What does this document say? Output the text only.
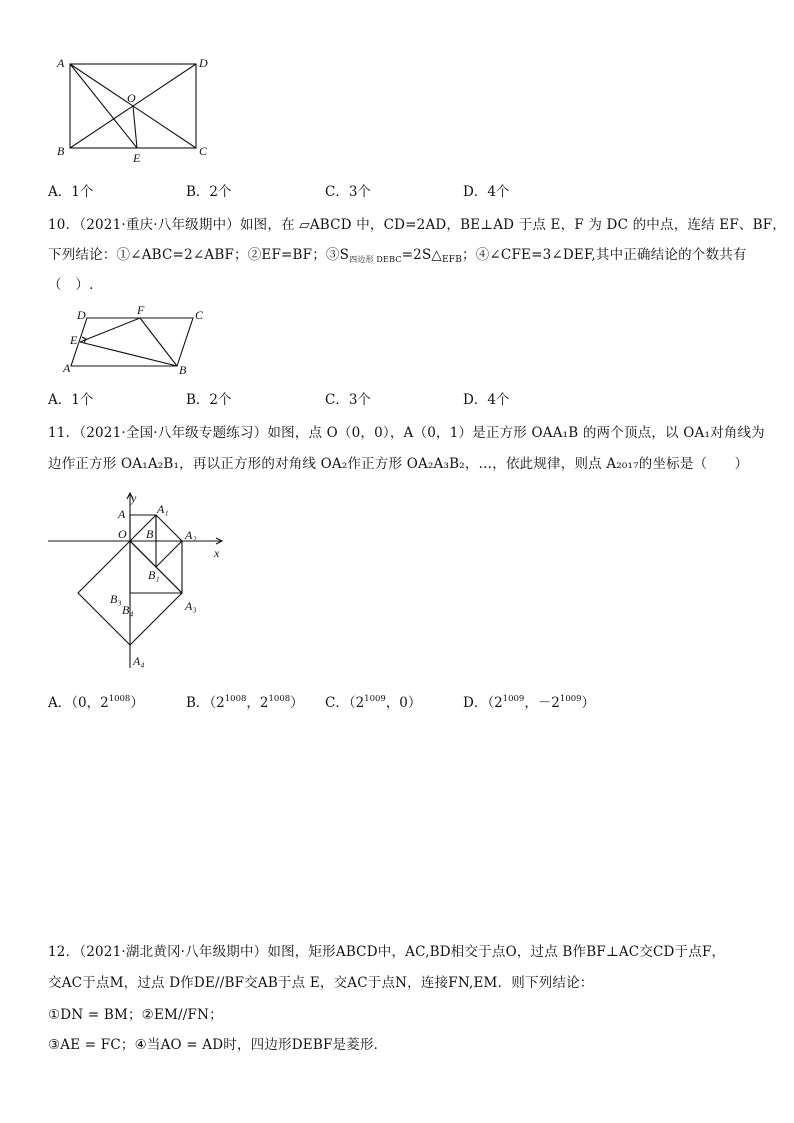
A	D
O
B	E	C
A．1个	B．2个	C．3个	D．4个
10．（2021·重庆·八年级期中）如图，在 ▱ABCD 中，CD=2AD，BE⊥AD 于点 E，F 为 DC 的中点，连结 EF、BF，
下列结论：①∠ABC=2∠ABF；②EF=BF；$③S_{四边形 DEBC}=2S\triangle_{EFB}$；④∠CFE=3∠DEF,其中正确结论的个数共有
（　）.
D	F	C
E
A	B
A．1个	B．2个	C．3个	D．4个
11．（2021·全国·八年级专题练习）如图，点 O（0，0），A（0，1）是正方形 OAA₁B 的两个顶点，以 OA₁对角线为
边作正方形 OA₁A₂B₁，再以正方形的对角线 OA₂作正方形 OA₂A₃B₂，…，依此规律，则点 A₂₀₁₇的坐标是（　　）
y
x
A	A₁
O B	A₂
B₁
B₃
B₄	A₃
A₄
A．（0，$2^{1008}$）	B．（$2^{1008}$，$2^{1008}$） C．（$2^{1009}$，0）	D．（$2^{1009}$，$-2^{1009}$）
12．（2021·湖北黄冈·八年级期中）如图，矩形ABCD中，AC,BD相交于点O，过点 B作BF⊥AC交CD于点F，
交AC于点M，过点 D作DE//BF交AB于点 E，交AC于点N，连接FN,EM．则下列结论：
①DN = BM；②EM//FN；
③AE = FC；④当AO = AD时，四边形DEBF是菱形．
